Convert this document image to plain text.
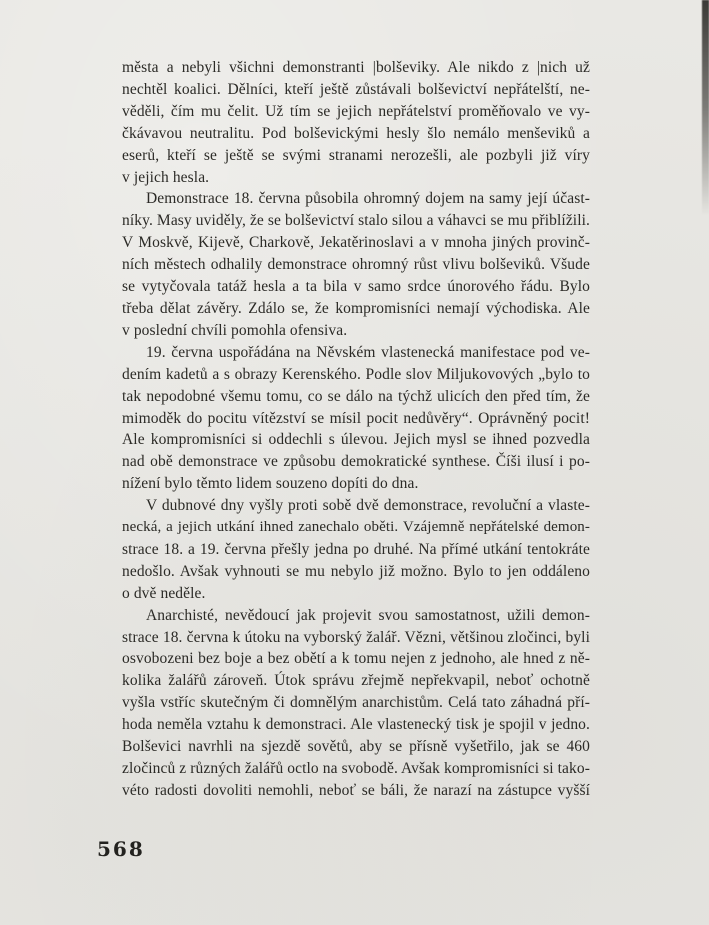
města a nebyli všichni demonstranti |bolševiky. Ale nikdo z |nich už
nechtěl koalici. Dělníci, kteří ještě zůstávali bolševictví nepřátelští, ne-
věděli, čím mu čelit. Už tím se jejich nepřátelství proměňovalo ve vy-
čkávavou neutralitu. Pod bolševickými hesly šlo nemálo menševiků a
eserů, kteří se ještě se svými stranami nerozešli, ale pozbyli již víry
v jejich hesla.
Demonstrace 18. června působila ohromný dojem na samy její účast-
níky. Masy uviděly, že se bolševictví stalo silou a váhavci se mu přiblížili.
V Moskvě, Kijevě, Charkově, Jekatěrinoslavi a v mnoha jiných provinč-
ních městech odhalily demonstrace ohromný růst vlivu bolševiků. Všude
se vytyčovala tatáž hesla a ta bila v samo srdce únorového řádu. Bylo
třeba dělat závěry. Zdálo se, že kompromisníci nemají východiska. Ale
v poslední chvíli pomohla ofensiva.
19. června uspořádána na Něvském vlastenecká manifestace pod ve-
dením kadetů a s obrazy Kerenského. Podle slov Miljukovových „bylo to
tak nepodobné všemu tomu, co se dálo na týchž ulicích den před tím, že
mimoděk do pocitu vítězství se mísil pocit nedůvěry“. Oprávněný pocit!
Ale kompromisníci si oddechli s úlevou. Jejich mysl se ihned pozvedla
nad obě demonstrace ve způsobu demokratické synthese. Číši ilusí i po-
nížení bylo těmto lidem souzeno dopíti do dna.
V dubnové dny vyšly proti sobě dvě demonstrace, revoluční a vlaste-
necká, a jejich utkání ihned zanechalo oběti. Vzájemně nepřátelské demon-
strace 18. a 19. června přešly jedna po druhé. Na přímé utkání tentokráte
nedošlo. Avšak vyhnouti se mu nebylo již možno. Bylo to jen oddáleno
o dvě neděle.
Anarchisté, nevědoucí jak projevit svou samostatnost, užili demon-
strace 18. června k útoku na vyborský žalář. Vězni, většinou zločinci, byli
osvobozeni bez boje a bez obětí a k tomu nejen z jednoho, ale hned z ně-
kolika žalářů zároveň. Útok správu zřejmě nepřekvapil, neboť ochotně
vyšla vstříc skutečným či domnělým anarchistům. Celá tato záhadná pří-
hoda neměla vztahu k demonstraci. Ale vlastenecký tisk je spojil v jedno.
Bolševici navrhli na sjezdě sovětů, aby se přísně vyšetřilo, jak se 460
zločinců z různých žalářů octlo na svobodě. Avšak kompromisníci si tako-
véto radosti dovoliti nemohli, neboť se báli, že narazí na zástupce vyšší
568
